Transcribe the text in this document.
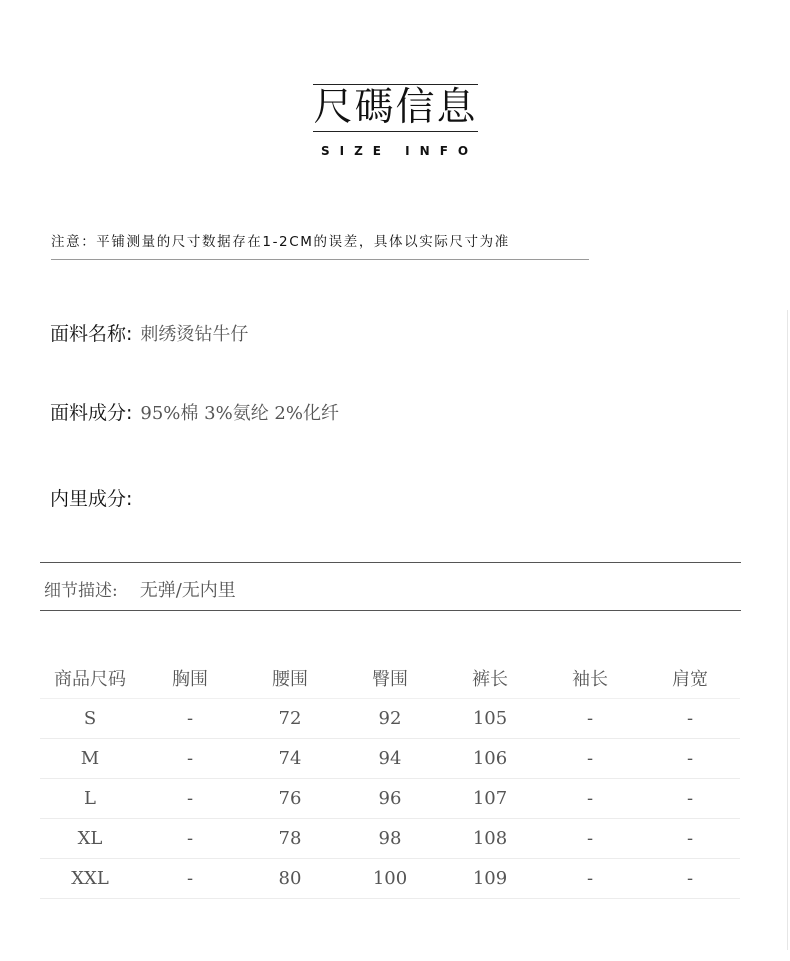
尺碼信息
SIZE INFO
注意：平铺测量的尺寸数据存在1-2CM的误差，具体以实际尺寸为准
面料名称: 刺绣烫钻牛仔
面料成分: 95%棉 3%氨纶 2%化纤
内里成分:
细节描述: 无弹/无内里
商品尺码	胸围	腰围	臀围	裤长	袖长	肩宽
S	-	72	92	105	-	-
M	-	74	94	106	-	-
L	-	76	96	107	-	-
XL	-	78	98	108	-	-
XXL	-	80	100	109	-	-
